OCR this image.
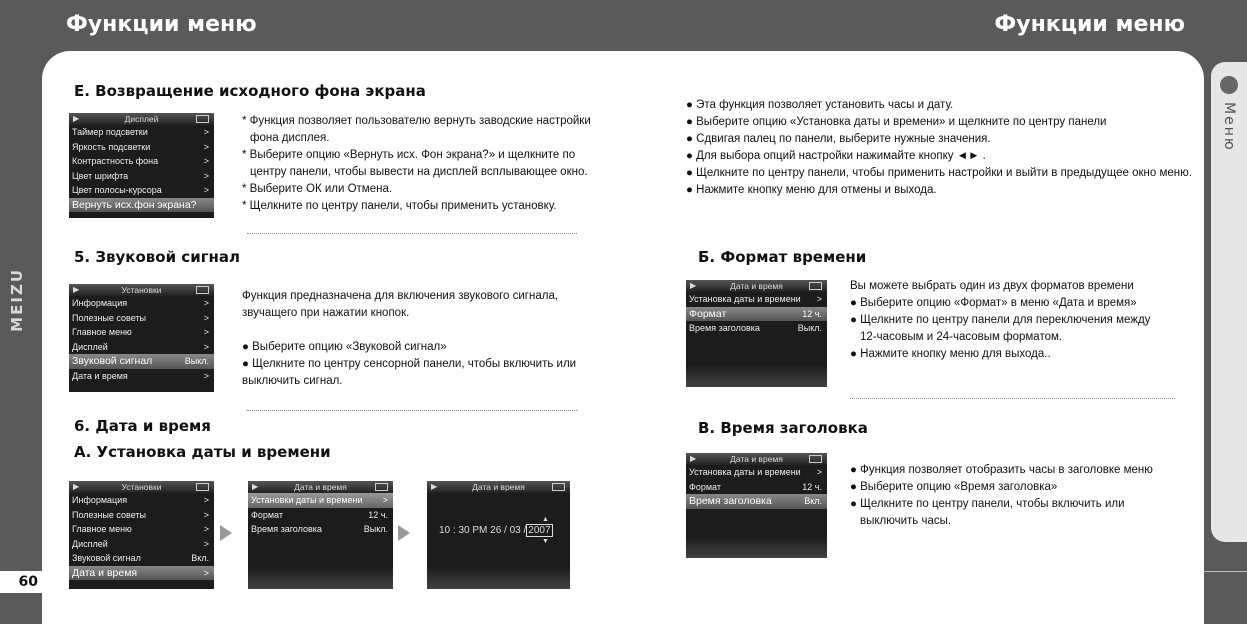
Функции меню	Функции меню
MEIZU
Е. Возвращение исходного фона экрана
▶	Дисплей
Таймер подсветки	>
Яркость подсветки	>
Контрастность фона	>
Цвет шрифта	>
Цвет полосы-курсора	>
Вернуть исх.фон экрана?

* Функция позволяет пользователю вернуть заводские настройки

фона дисплея.

* Выберите опцию «Вернуть исх. Фон экрана?» и щелкните по

центру панели, чтобы вывести на дисплей всплывающее окно.

* Выберите ОК или Отмена.

* Щелкните по центру панели, чтобы применить установку.

5. Звуковой сигнал
▶	Установки
Информация	>
Полезные советы	>
Главное меню	>
Дисплей	>
Звуковой сигнал	Выкл.
Дата и время	>

Функция предназначена для включения звукового сигнала,

звучащего при нажатии кнопок.

● Выберите опцию «Звуковой сигнал»

● Щелкните по центру сенсорной панели, чтобы включить или

выключить сигнал.

6. Дата и время
А. Установка даты и времени
▶	Установки
Информация	>
Полезные советы	>
Главное меню	>
Дисплей	>
Звуковой сигнал	Вкл.
Дата и время	>
▶	Дата и время
Установки даты и времени >
Формат	12 ч.
Время заголовка	Выкл.
▶	Дата и время
10 : 30 PM 26 / 03 / 2007
▲
▼

● Эта функция позволяет установить часы и дату.

● Выберите опцию «Установка даты и времени» и щелкните по центру панели

● Сдвигая палец по панели, выберите нужные значения.

● Для выбора опций настройки нажимайте кнопку ◄► .

● Щелкните по центру панели, чтобы применить настройки и выйти в предыдущее окно меню.

● Нажмите кнопку меню для отмены и выхода.

Б. Формат времени
▶	Дата и время
Установка даты и времени >
Формат	12 ч.
Время заголовка	Выкл.

Вы можете выбрать один из двух форматов времени

● Выберите опцию «Формат» в меню «Дата и время»

● Щелкните по центру панели для переключения между

12-часовым и 24-часовым форматом.

● Нажмите кнопку меню для выхода..

В. Время заголовка
▶	Дата и время
Установка даты и времени >
Формат	12 ч.
Время заголовка	Вкл.

● Функция позволяет отобразить часы в заголовке меню

● Выберите опцию «Время заголовка»

● Щелкните по центру панели, чтобы включить или

выключить часы.

Меню
60
